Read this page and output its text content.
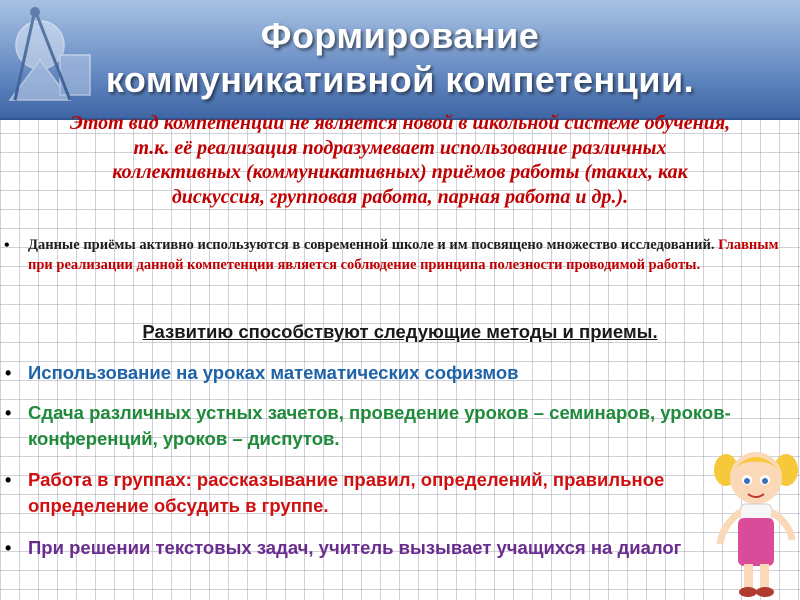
Формирование
коммуникативной компетенции.
Этот вид компетенции не является новой в школьной системе обучения,
т.к. её реализация подразумевает использование различных
коллективных (коммуникативных) приёмов работы (таких, как
дискуссия, групповая работа, парная работа и др.).
• Данные приёмы активно используются в современной школе и им посвящено множество исследований. Главным при реализации данной компетенции является соблюдение принципа полезности проводимой работы.
Развитию способствуют следующие методы и приемы.
• Использование на уроках математических софизмов
• Сдача различных устных зачетов, проведение уроков – семинаров, уроков- конференций, уроков – диспутов.
• Работа в группах: рассказывание правил, определений, правильное определение обсудить в группе.
• При решении текстовых задач, учитель вызывает учащихся на диалог
